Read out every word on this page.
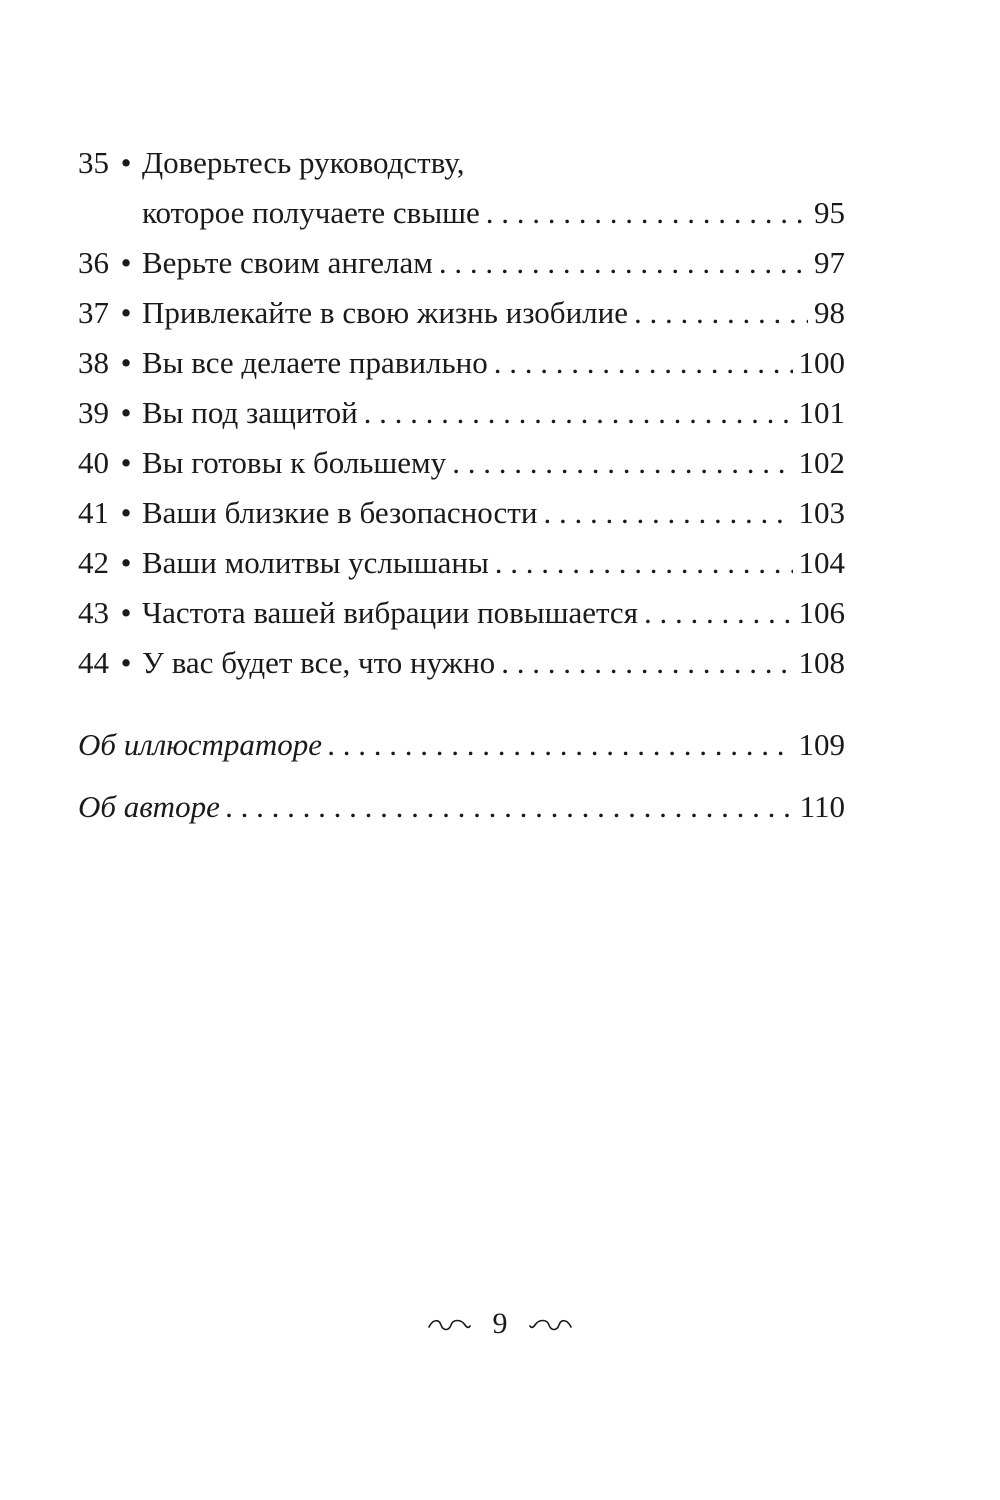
35 • Доверьтесь руководству,
которое получаете свыше . . .	95
36 • Верьте своим ангелам . . .	97
37 • Привлекайте в свою жизнь изобилие . . .	98
38 • Вы все делаете правильно . . .	100
39 • Вы под защитой . . .	101
40 • Вы готовы к большему . . .	102
41 • Ваши близкие в безопасности . . .	103
42 • Ваши молитвы услышаны . . .	104
43 • Частота вашей вибрации повышается . . .	106
44 • У вас будет все, что нужно . . .	108
Об иллюстраторе . . .	109
Об авторе . . .	110
9
